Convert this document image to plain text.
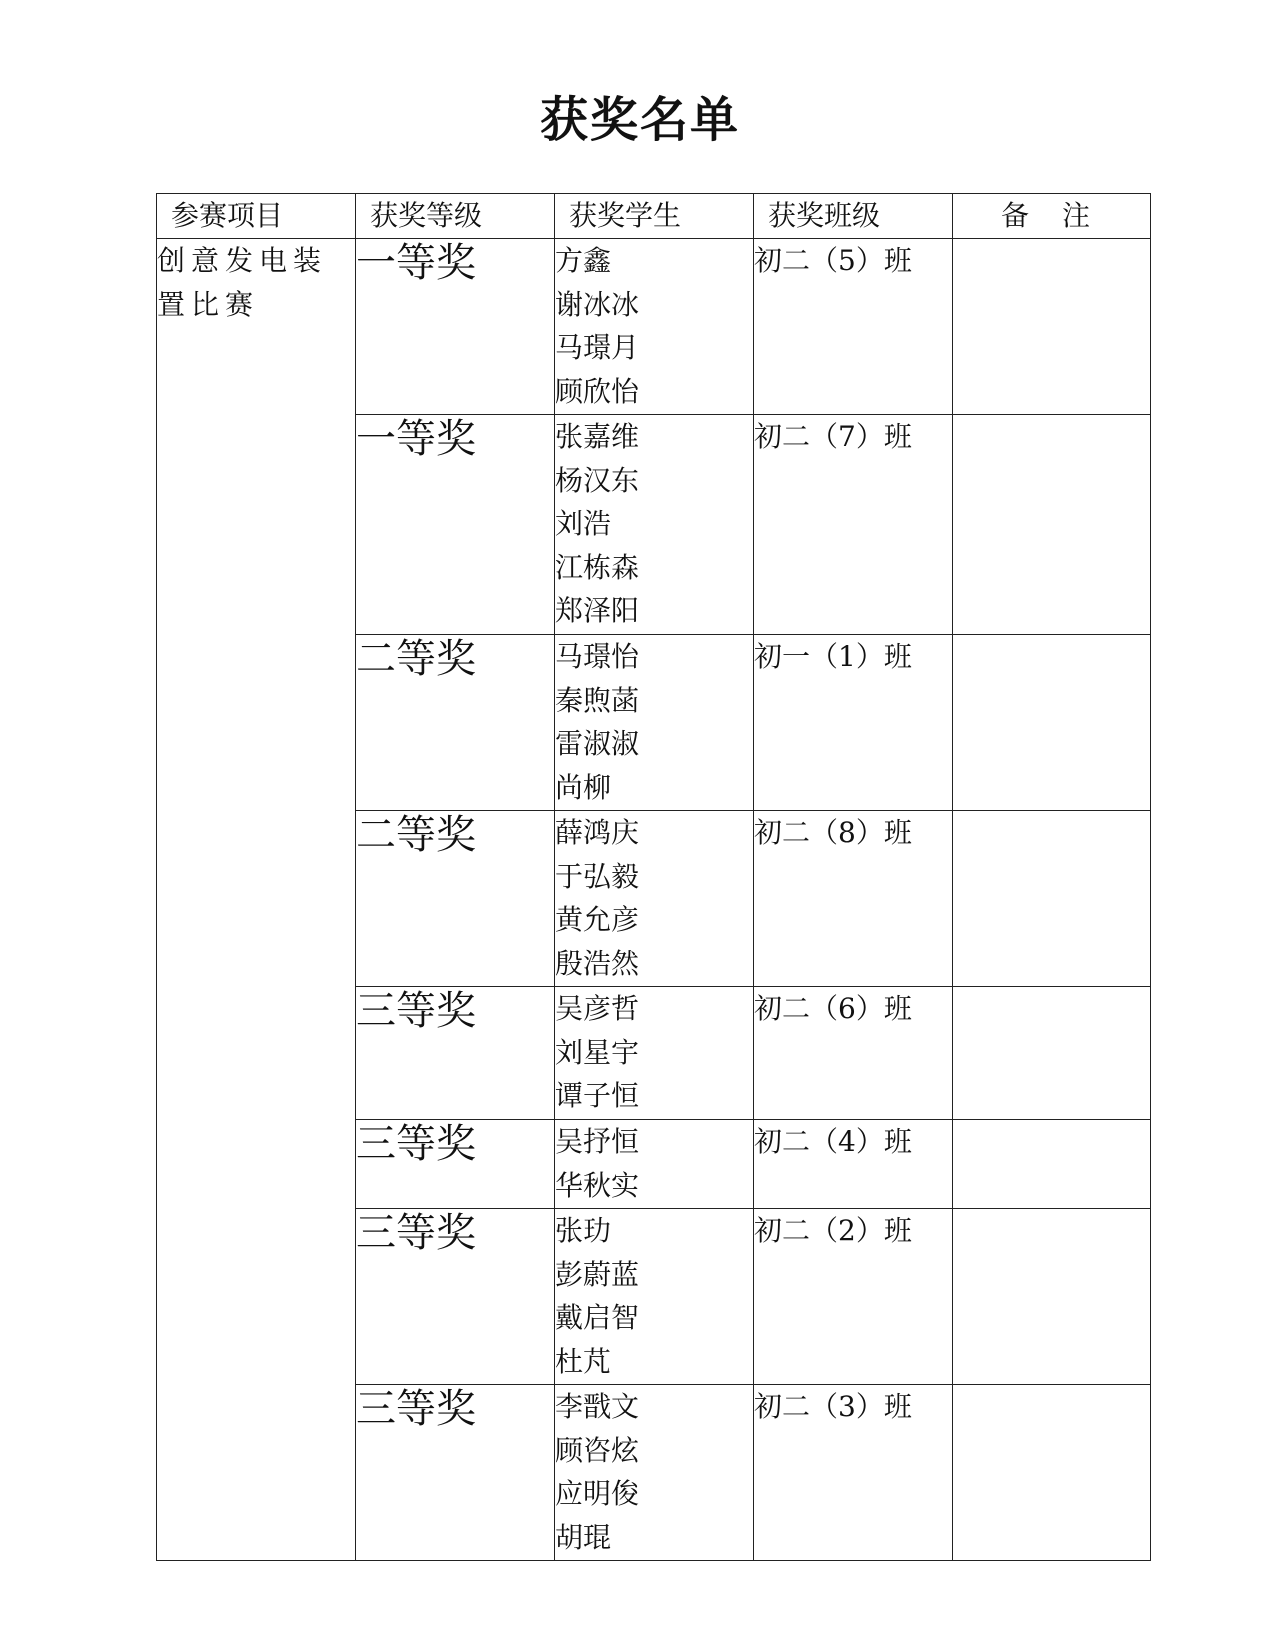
获奖名单
参赛项目	获奖等级	获奖学生	获奖班级	备 注
创意发电装置比赛	一等奖	方鑫
谢冰冰
马璟月
顾欣怡	初二（5）班	
	一等奖	张嘉维
杨汉东
刘浩
江栋森
郑泽阳	初二（7）班	
	二等奖	马璟怡
秦煦菡
雷淑淑
尚柳	初一（1）班	
	二等奖	薛鸿庆
于弘毅
黄允彦
殷浩然	初二（8）班	
	三等奖	吴彦哲
刘星宇
谭子恒	初二（6）班	
	三等奖	吴抒恒
华秋实	初二（4）班	
	三等奖	张玏
彭蔚蓝
戴启智
杜芃	初二（2）班	
	三等奖	李戬文
顾咨炫
应明俊
胡琨	初二（3）班	
